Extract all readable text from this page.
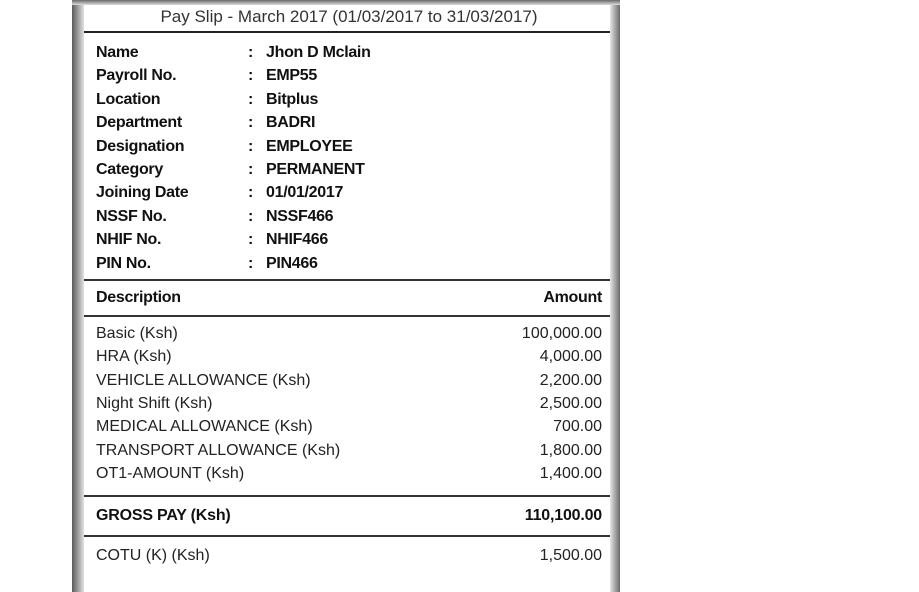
Pay Slip - March 2017 (01/03/2017 to 31/03/2017)
Name	: Jhon D Mclain
Payroll No.	: EMP55
Location	: Bitplus
Department	: BADRI
Designation	: EMPLOYEE
Category	: PERMANENT
Joining Date	: 01/01/2017
NSSF No.	: NSSF466
NHIF No.	: NHIF466
PIN No.	: PIN466
Description	Amount
Basic (Ksh)	100,000.00
HRA (Ksh)	4,000.00
VEHICLE ALLOWANCE (Ksh)	2,200.00
Night Shift (Ksh)	2,500.00
MEDICAL ALLOWANCE (Ksh)	700.00
TRANSPORT ALLOWANCE (Ksh)	1,800.00
OT1-AMOUNT (Ksh)	1,400.00
GROSS PAY (Ksh)	110,100.00
COTU (K) (Ksh)	1,500.00
